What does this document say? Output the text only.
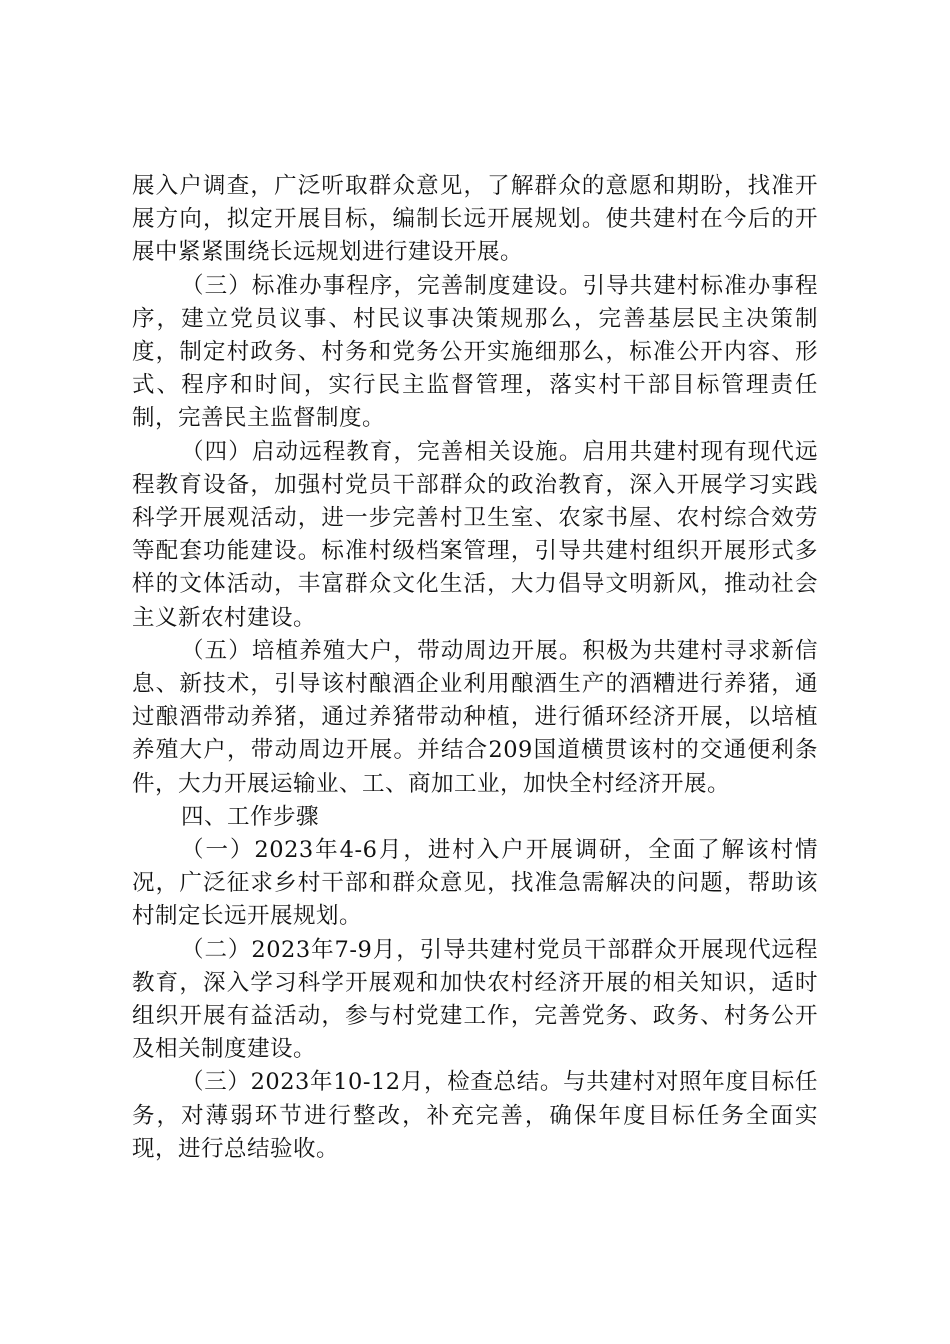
展入户调查，广泛听取群众意见，了解群众的意愿和期盼，找准开展方向，拟定开展目标，编制长远开展规划。使共建村在今后的开展中紧紧围绕长远规划进行建设开展。

（三）标准办事程序，完善制度建设。引导共建村标准办事程序，建立党员议事、村民议事决策规那么，完善基层民主决策制度，制定村政务、村务和党务公开实施细那么，标准公开内容、形式、程序和时间，实行民主监督管理，落实村干部目标管理责任制，完善民主监督制度。

（四）启动远程教育，完善相关设施。启用共建村现有现代远程教育设备，加强村党员干部群众的政治教育，深入开展学习实践科学开展观活动，进一步完善村卫生室、农家书屋、农村综合效劳等配套功能建设。标准村级档案管理，引导共建村组织开展形式多样的文体活动，丰富群众文化生活，大力倡导文明新风，推动社会主义新农村建设。

（五）培植养殖大户，带动周边开展。积极为共建村寻求新信息、新技术，引导该村酿酒企业利用酿酒生产的酒糟进行养猪，通过酿酒带动养猪，通过养猪带动种植，进行循环经济开展，以培植养殖大户，带动周边开展。并结合209国道横贯该村的交通便利条件，大力开展运输业、工、商加工业，加快全村经济开展。

四、工作步骤

（一）2023年4-6月，进村入户开展调研，全面了解该村情况，广泛征求乡村干部和群众意见，找准急需解决的问题，帮助该村制定长远开展规划。

（二）2023年7-9月，引导共建村党员干部群众开展现代远程教育，深入学习科学开展观和加快农村经济开展的相关知识，适时组织开展有益活动，参与村党建工作，完善党务、政务、村务公开及相关制度建设。

（三）2023年10-12月，检查总结。与共建村对照年度目标任务，对薄弱环节进行整改，补充完善，确保年度目标任务全面实现，进行总结验收。
